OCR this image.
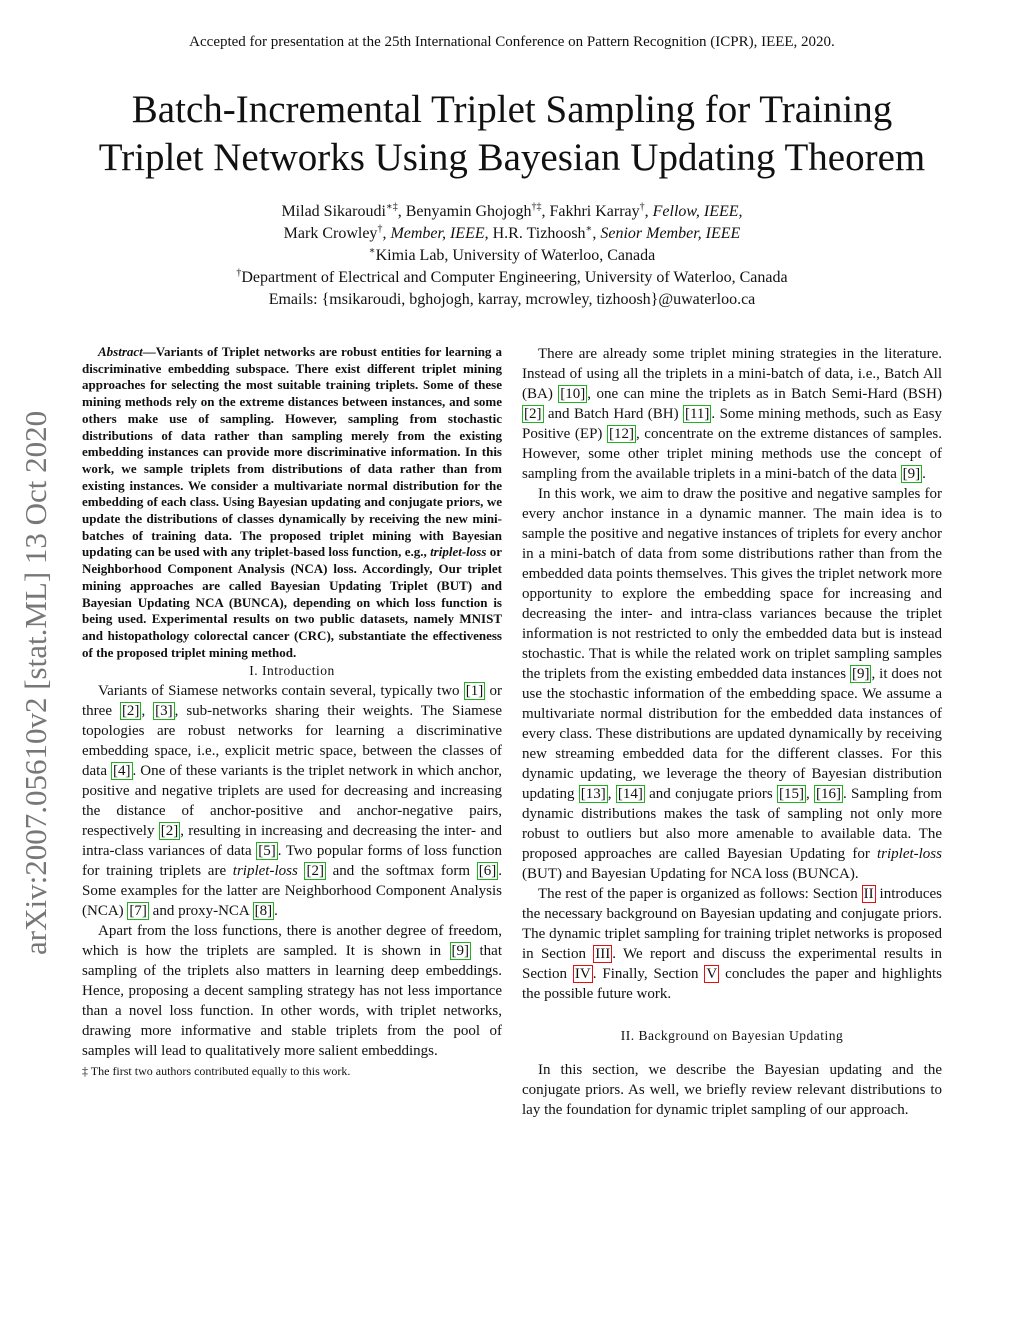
Accepted for presentation at the 25th International Conference on Pattern Recognition (ICPR), IEEE, 2020.
Batch-Incremental Triplet Sampling for Training
Triplet Networks Using Bayesian Updating Theorem
Milad Sikaroudi∗‡, Benyamin Ghojogh†‡, Fakhri Karray†, Fellow, IEEE,
Mark Crowley†, Member, IEEE, H.R. Tizhoosh∗, Senior Member, IEEE
∗Kimia Lab, University of Waterloo, Canada
†Department of Electrical and Computer Engineering, University of Waterloo, Canada
Emails: {msikaroudi, bghojogh, karray, mcrowley, tizhoosh}@uwaterloo.ca
arXiv:2007.05610v2 [stat.ML] 13 Oct 2020

Abstract—Variants of Triplet networks are robust entities for learning a discriminative embedding subspace. There exist different triplet mining approaches for selecting the most suitable training triplets. Some of these mining methods rely on the extreme distances between instances, and some others make use of sampling. However, sampling from stochastic distributions of data rather than sampling merely from the existing embedding instances can provide more discriminative information. In this work, we sample triplets from distributions of data rather than from existing instances. We consider a multivariate normal distribution for the embedding of each class. Using Bayesian updating and conjugate priors, we update the distributions of classes dynamically by receiving the new mini-batches of training data. The proposed triplet mining with Bayesian updating can be used with any triplet-based loss function, e.g., triplet-loss or Neighborhood Component Analysis (NCA) loss. Accordingly, Our triplet mining approaches are called Bayesian Updating Triplet (BUT) and Bayesian Updating NCA (BUNCA), depending on which loss function is being used. Experimental results on two public datasets, namely MNIST and histopathology colorectal cancer (CRC), substantiate the effectiveness of the proposed triplet mining method.

I. Introduction

Variants of Siamese networks contain several, typically two [1] or three [2] , [3] , sub-networks sharing their weights. The Siamese topologies are robust networks for learning a discriminative embedding space, i.e., explicit metric space, between the classes of data [4] . One of these variants is the triplet network in which anchor, positive and negative triplets are used for decreasing and increasing the distance of anchor-positive and anchor-negative pairs, respectively [2] , resulting in increasing and decreasing the inter- and intra-class variances of data [5] . Two popular forms of loss function for training triplets are triplet-loss [2] and the softmax form [6] . Some examples for the latter are Neighborhood Component Analysis (NCA) [7] and proxy-NCA [8] .

Apart from the loss functions, there is another degree of freedom, which is how the triplets are sampled. It is shown in [9] that sampling of the triplets also matters in learning deep embeddings. Hence, proposing a decent sampling strategy has not less importance than a novel loss function. In other words, with triplet networks, drawing more informative and stable triplets from the pool of samples will lead to qualitatively more salient embeddings.

‡ The first two authors contributed equally to this work.

There are already some triplet mining strategies in the literature. Instead of using all the triplets in a mini-batch of data, i.e., Batch All (BA) [10] , one can mine the triplets as in Batch Semi-Hard (BSH) [2] and Batch Hard (BH) [11] . Some mining methods, such as Easy Positive (EP) [12] , concentrate on the extreme distances of samples. However, some other triplet mining methods use the concept of sampling from the available triplets in a mini-batch of the data [9] .

In this work, we aim to draw the positive and negative samples for every anchor instance in a dynamic manner. The main idea is to sample the positive and negative instances of triplets for every anchor in a mini-batch of data from some distributions rather than from the embedded data points themselves. This gives the triplet network more opportunity to explore the embedding space for increasing and decreasing the inter- and intra-class variances because the triplet information is not restricted to only the embedded data but is instead stochastic. That is while the related work on triplet sampling samples the triplets from the existing embedded data instances [9] , it does not use the stochastic information of the embedding space. We assume a multivariate normal distribution for the embedded data instances of every class. These distributions are updated dynamically by receiving new streaming embedded data for the different classes. For this dynamic updating, we leverage the theory of Bayesian distribution updating [13] , [14] and conjugate priors [15] , [16] . Sampling from dynamic distributions makes the task of sampling not only more robust to outliers but also more amenable to available data. The proposed approaches are called Bayesian Updating for triplet-loss (BUT) and Bayesian Updating for NCA loss (BUNCA).

The rest of the paper is organized as follows: Section II introduces the necessary background on Bayesian updating and conjugate priors. The dynamic triplet sampling for training triplet networks is proposed in Section III . We report and discuss the experimental results in Section IV . Finally, Section V concludes the paper and highlights the possible future work.

II. Background on Bayesian Updating

In this section, we describe the Bayesian updating and the conjugate priors. As well, we briefly review relevant distributions to lay the foundation for dynamic triplet sampling of our approach.
